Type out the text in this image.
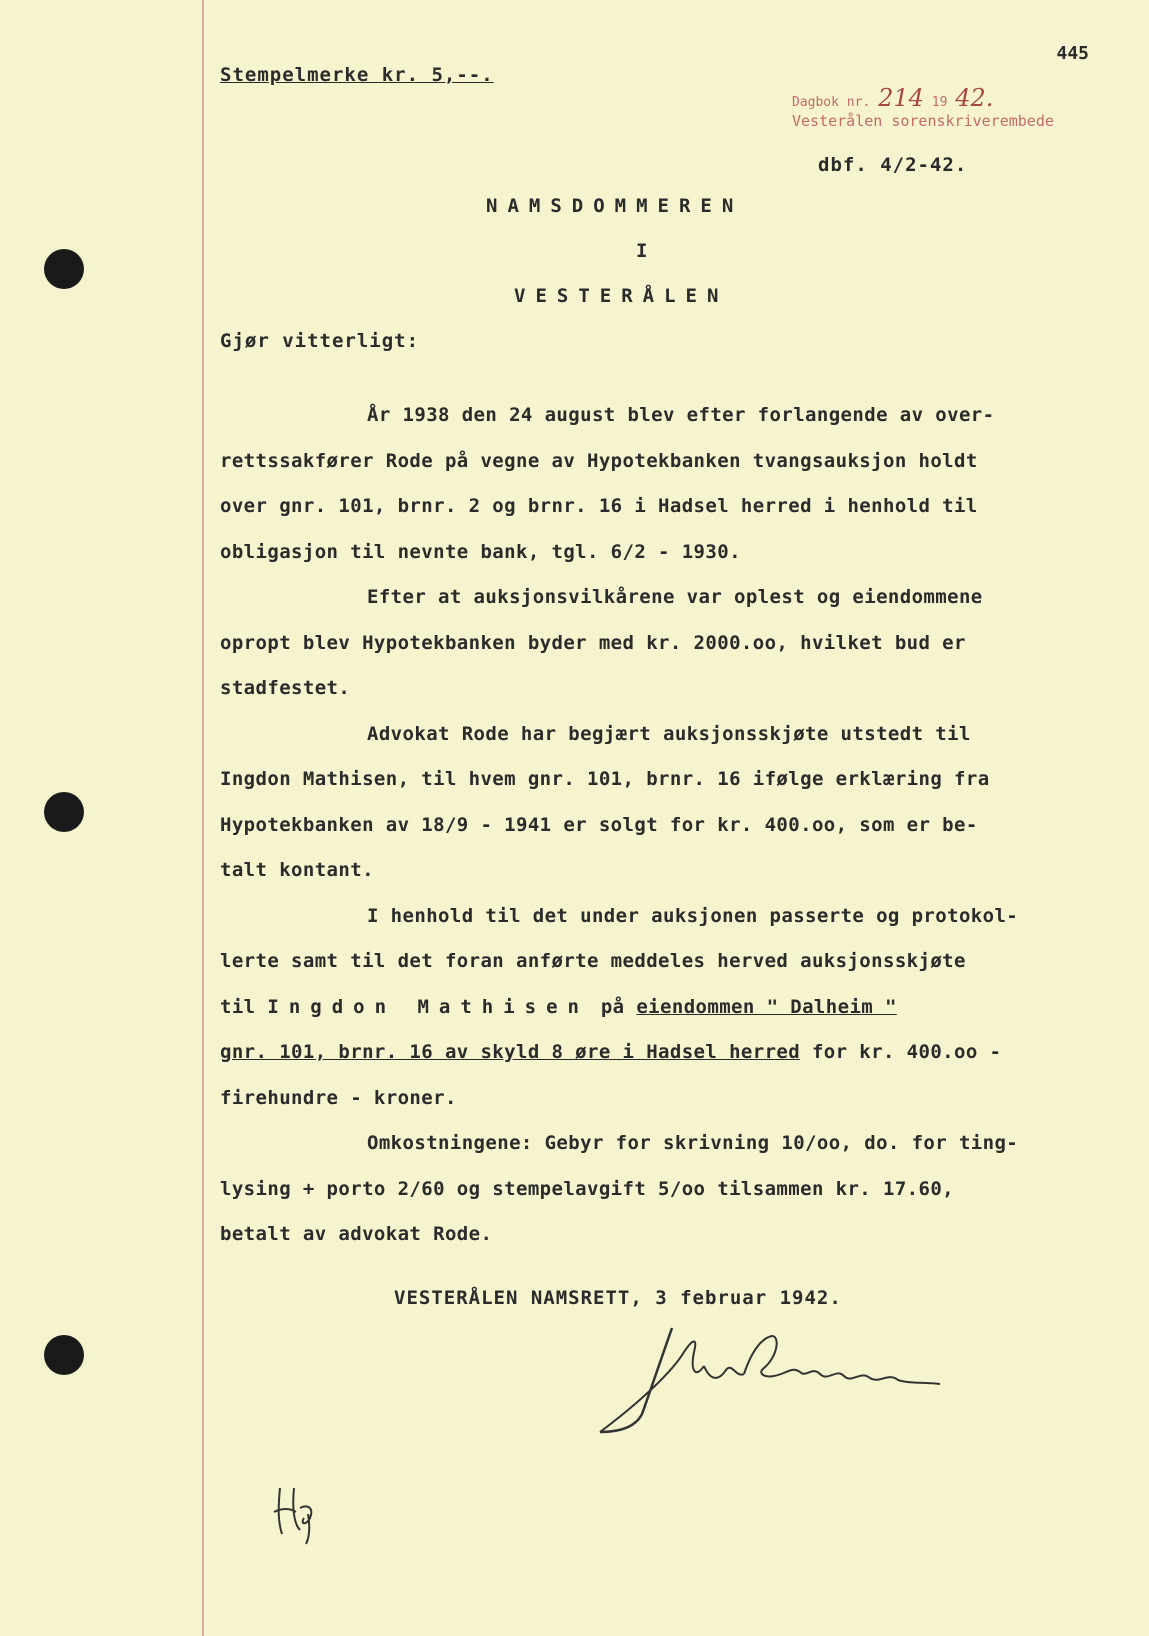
445
Stempelmerke kr. 5,--.
Dagbok nr. 214 19 42.
Vesterålen sorenskriverembede
dbf. 4/2-42.
NAMSDOMMEREN
I
VESTERÅLEN
Gjør vitterligt:
År 1938 den 24 august blev efter forlangende av over-
rettssakfører Rode på vegne av Hypotekbanken tvangsauksjon holdt
over gnr. 101, brnr. 2 og brnr. 16 i Hadsel herred i henhold til
obligasjon til nevnte bank, tgl. 6/2 - 1930.
Efter at auksjonsvilkårene var oplest og eiendommene
opropt blev Hypotekbanken byder med kr. 2000.oo, hvilket bud er
stadfestet.
Advokat Rode har begjært auksjonsskjøte utstedt til
Ingdon Mathisen, til hvem gnr. 101, brnr. 16 ifølge erklæring fra
Hypotekbanken av 18/9 - 1941 er solgt for kr. 400.oo, som er be-
talt kontant.
I henhold til det under auksjonen passerte og protokol-
lerte samt til det foran anførte meddeles herved auksjonsskjøte
til Ingdon Mathisen på eiendommen " Dalheim "
gnr. 101, brnr. 16 av skyld 8 øre i Hadsel herred for kr. 400.oo -
firehundre - kroner.
Omkostningene: Gebyr for skrivning 10/oo, do. for ting-
lysing + porto 2/60 og stempelavgift 5/oo tilsammen kr. 17.60,
betalt av advokat Rode.
VESTERÅLEN NAMSRETT, 3 februar 1942.
Ivar Pedersen
Hp
